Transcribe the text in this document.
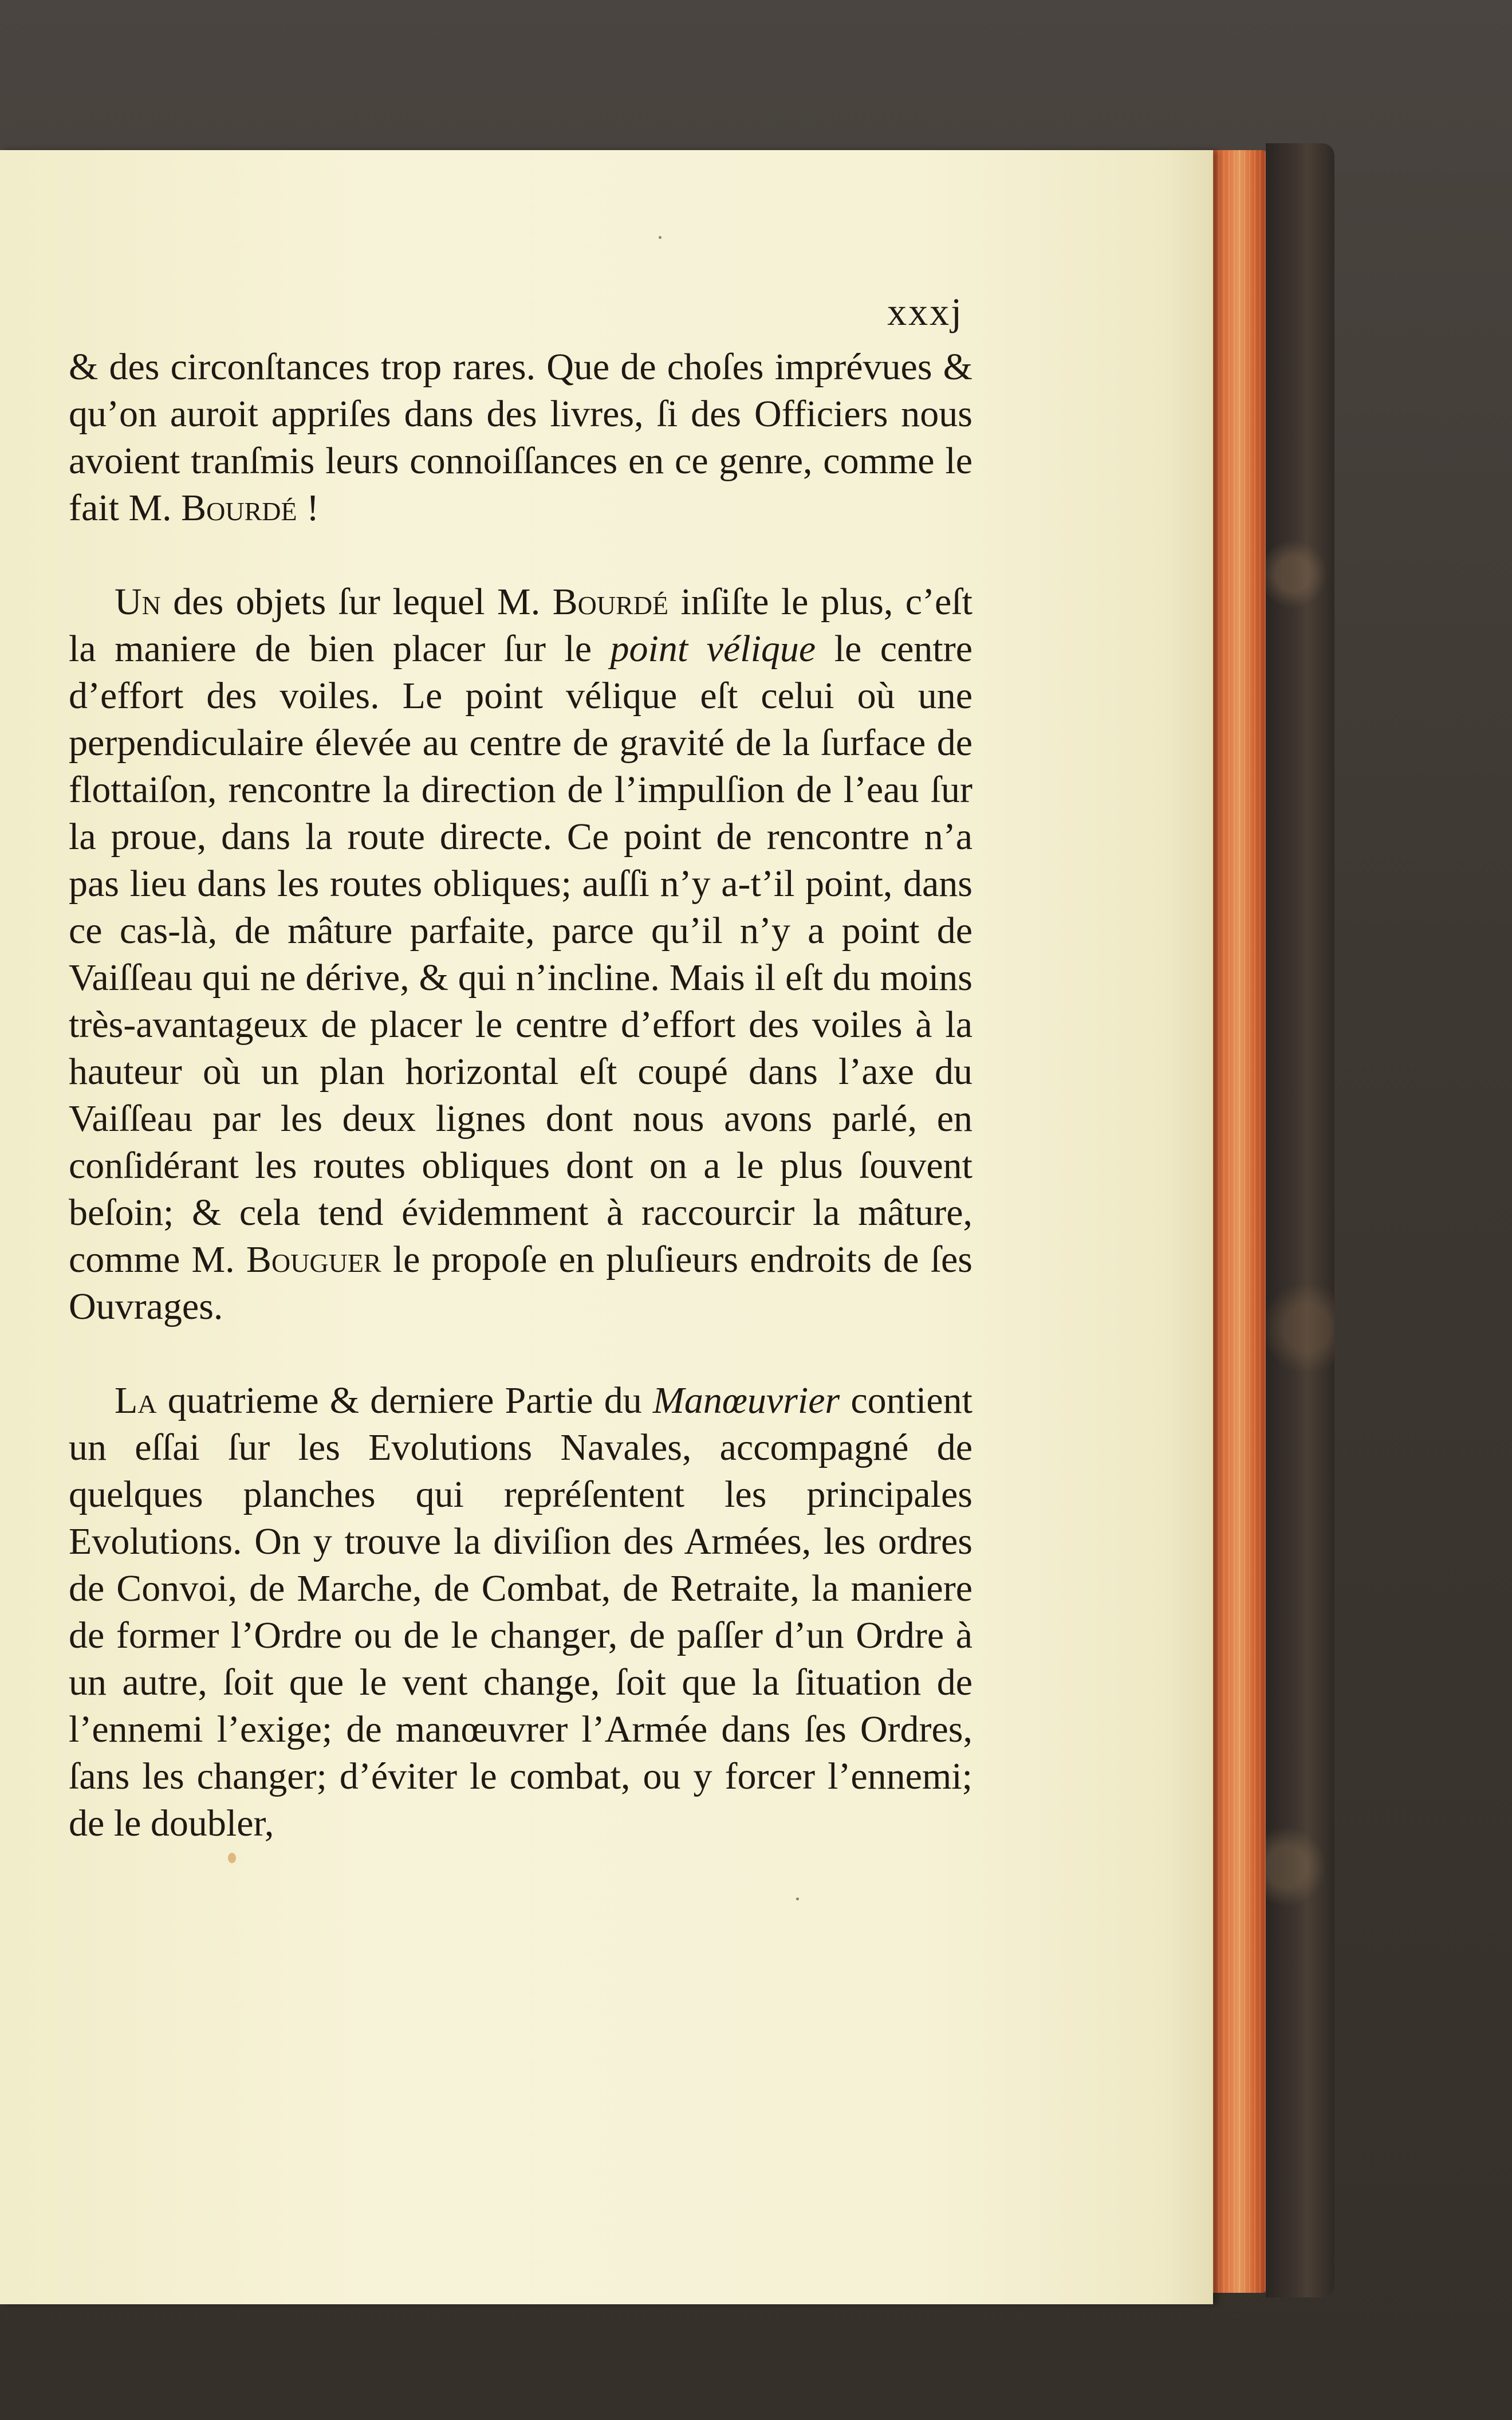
xxxj

& des circonſtances trop rares. Que de choſes imprévues & qu’on auroit appriſes dans des livres, ſi des Officiers nous avoient tranſmis leurs connoiſſances en ce genre, comme le fait M. Bourdé !

Un des objets ſur lequel M. Bourdé inſiſte le plus, c’eſt la maniere de bien placer ſur le point vélique le centre d’effort des voiles. Le point vélique eſt celui où une perpendiculaire élevée au centre de gravité de la ſurface de flottaiſon, rencontre la direction de l’impulſion de l’eau ſur la proue, dans la route directe. Ce point de rencontre n’a pas lieu dans les routes obliques; auſſi n’y a-t’il point, dans ce cas-là, de mâture parfaite, parce qu’il n’y a point de Vaiſſeau qui ne dérive, & qui n’incline. Mais il eſt du moins très-avantageux de placer le centre d’effort des voiles à la hauteur où un plan horizontal eſt coupé dans l’axe du Vaiſſeau par les deux lignes dont nous avons parlé, en conſidérant les routes obliques dont on a le plus ſouvent beſoin; & cela tend évidemment à raccourcir la mâture, comme M. Bouguer le propoſe en pluſieurs endroits de ſes Ouvrages.

La quatrieme & derniere Partie du Manœuvrier contient un eſſai ſur les Evolutions Navales, accompagné de quelques planches qui repréſentent les principales Evolutions. On y trouve la diviſion des Armées, les ordres de Convoi, de Marche, de Combat, de Retraite, la maniere de former l’Ordre ou de le changer, de paſſer d’un Ordre à un autre, ſoit que le vent change, ſoit que la ſituation de l’ennemi l’exige; de manœuvrer l’Armée dans ſes Ordres, ſans les changer; d’éviter le combat, ou y forcer l’ennemi; de le doubler,
